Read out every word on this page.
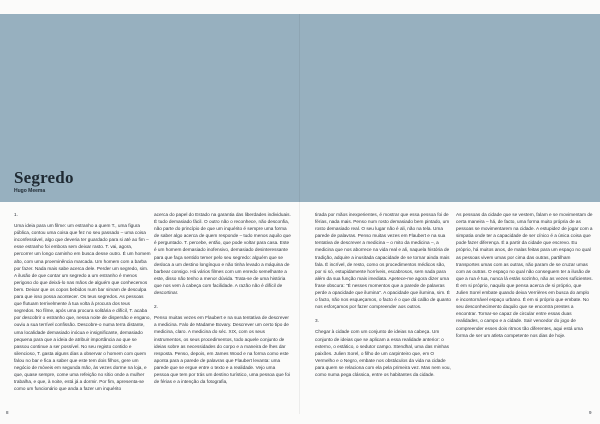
Segredo
Hugo Meema
1.

Uma ideia para um filme: um estranho a quem T., uma figura pública, contou uma coisa que fez no seu passado – uma coisa inconfessável, algo que deveria ter guardado para si até ao fim – esse estranho foi embora sem deixar rasto. T. vai, agora, percorrer um longo caminho em busca desse outro. É um homem alto, com uma proeminência marcada. Um homem com a barba por fazer. Nada mais sabe acerca dele. Perder um segredo, sim. A ilusão de que contar um segredo a um estranho é menos perigoso do que deixá-lo nas mãos de alguém que conhecemos bem. Deixar que os copos bebidos num bar sirvam de desculpa para que isso possa acontecer. Os teus segredos. As pessoas que flutuam terrivelmente à tua volta à procura dos teus segredos. No filme, após uma procura solitária e difícil, T. acaba por descobrir o estranho que, nessa noite de dispersão e engano, ouviu a sua terrível confissão. Descobre-o numa terra distante, uma localidade demasiado inócua e insignificante, demasiado pequena para que a ideia de atribuir importância ao que se passou continue a ser possível. No seu registo contido e silencioso, T. gasta alguns dias a observar o homem com quem falou no bar e fica a saber que este tem dois filhos, gere um negócio de móveis em segunda mão, às vezes dorme na loja, e que, quase sempre, come uma refeição no sítio onde a mulher trabalha, e que, à noite, está já a dormir. Por fim, apresenta-se como um funcionário que anda a fazer um inquérito

acerca do papel do Estado na garantia das liberdades individuais. É tudo demasiado fácil. O outro não o reconhece, não desconfia, não parte do princípio de que um inquérito é sempre uma forma de saber algo acerca de quem responde – tudo menos aquilo que é perguntado. T. percebe, então, que pode voltar para casa. Este é um homem demasiado inofensivo, demasiado desinteressante para que faça sentido temer pelo seu segredo: alguém que se desloca a um destino longínquo e não tinha levado a máquina de barbear consigo. Há vários filmes com um enredo semelhante a este, disso não tenho a menor dúvida. Trata-se de uma história que nos vem à cabeça com facilidade. A razão não é difícil de descortinar.

2.

Penso muitas vezes em Flaubert e na sua tentativa de descrever a medicina. Falo de Madame Bovary. Descrever um certo tipo de medicina, claro. A medicina do séc. XIX, com os seus instrumentos, os seus procedimentos, todo aquele conjunto de ideias sobre as necessidades do corpo e a maneira de lhes dar resposta. Penso, depois, em James Wood e na forma como este aponta para a parede de palavras que Flaubert levanta: uma parede que se ergue entre o texto e a realidade. Vejo uma pessoa que tem por trás um destino turístico, uma pessoa que foi de férias e a intenção da fotografia,

tirada por mãos inexperientes, é mostrar que essa pessoa foi de férias, nada mais. Penso num rosto demasiado bem pintado, um rosto demasiado real. O seu lugar não é ali, não na tela. Uma parede de palavras. Penso muitas vezes em Flaubert e na sua tentativa de descrever a medicina – o mito da medicina –, a medicina que nos aborrece na vida real e ali, naquela história de tradição, adquire a inusitada capacidade de se tornar ainda mais fala. É incrível, de resto, como os procedimentos médicos são, por si só, estupidamente horríveis, escabrosos, sem nada para além da sua função mais imediata. Apetece-me agora dizer uma frase obscura: "É nesses momentos que a parede de palavras perde a opacidade que ilumina". A opacidade que ilumina, sim. É o facto, não nos esqueçamos, o facto é o que dá calão de quanto nos esforçamos por fazer compreender aos outros.

3.

Chegar à cidade com um conjunto de ideias na cabeça. Um conjunto de ideias que se aplicam a essa realidade anterior: o externo, o estático, o sedutor campo. Stendhal, uma das minhas paixões. Julien Sorel, o filho de um carpinteiro que, em O Vermelho e o Negro, embate nos obstáculos da vida na cidade para quem se relaciona com ela pela primeira vez. Mas nem vou, como numa pega clássica, entre os habitantes da cidade.

As pessoas da cidade que se vestem, falam e se movimentam de certa maneira – há, de facto, uma forma muito própria de as pessoas se movimentarem na cidade. A estupidez de jogar com a simpatia onde ter a capacidade de ser cínico é a única coisa que pode fazer diferença. É a partir da cidade que escrevo. Eu próprio, há muitos anos, de malas feitas para um espaço no qual as pessoas vivem umas por cima das outras, partilham transportes umas com as outras, não param de se cruzar umas com as outras. O espaço no qual não conseguem ter a ilusão de que a rua é tua, nunca lá estás sozinho, não as vezes suficientes. É em si próprio, naquilo que pensa acerca de si próprio, que Julien Sorel embate quando deixa Verrières em busca do amplo e incontornável espaço urbano. É em si próprio que embate. No seu desconhecimento daquilo que se encontra prestes a encontrar. Tornar-se capaz de circular entre essas duas realidades, o campo e a cidade. Sair vencedor do jogo de compreender esses dois ritmos tão diferentes, aqui está uma forma de ser um atleta competente nos dias de hoje.

8	9
